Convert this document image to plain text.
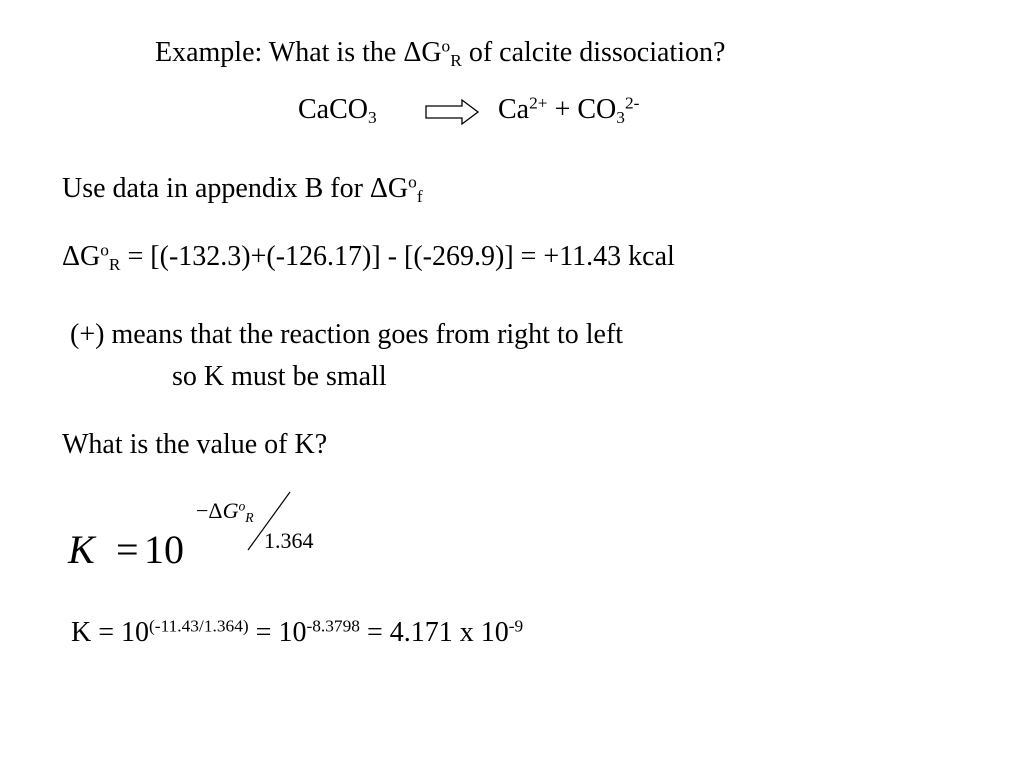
Example: What is the $\Delta G^o_R$ of calcite dissociation?
CaCO$_3$	$Ca^{2+} + CO_3^{2-}$
Use data in appendix B for $\Delta G^o_f$
$\Delta G^o_R = [(-132.3)+(-126.17)] - [(-269.9)] = +11.43$ kcal
(+) means that the reaction goes from right to left
so K must be small
What is the value of K?
K = 10
$-\Delta G^o_R$
1.364
$K = 10^{(-11.43/1.364)} = 10^{-8.3798} = 4.171$ x $10^{-9}$
